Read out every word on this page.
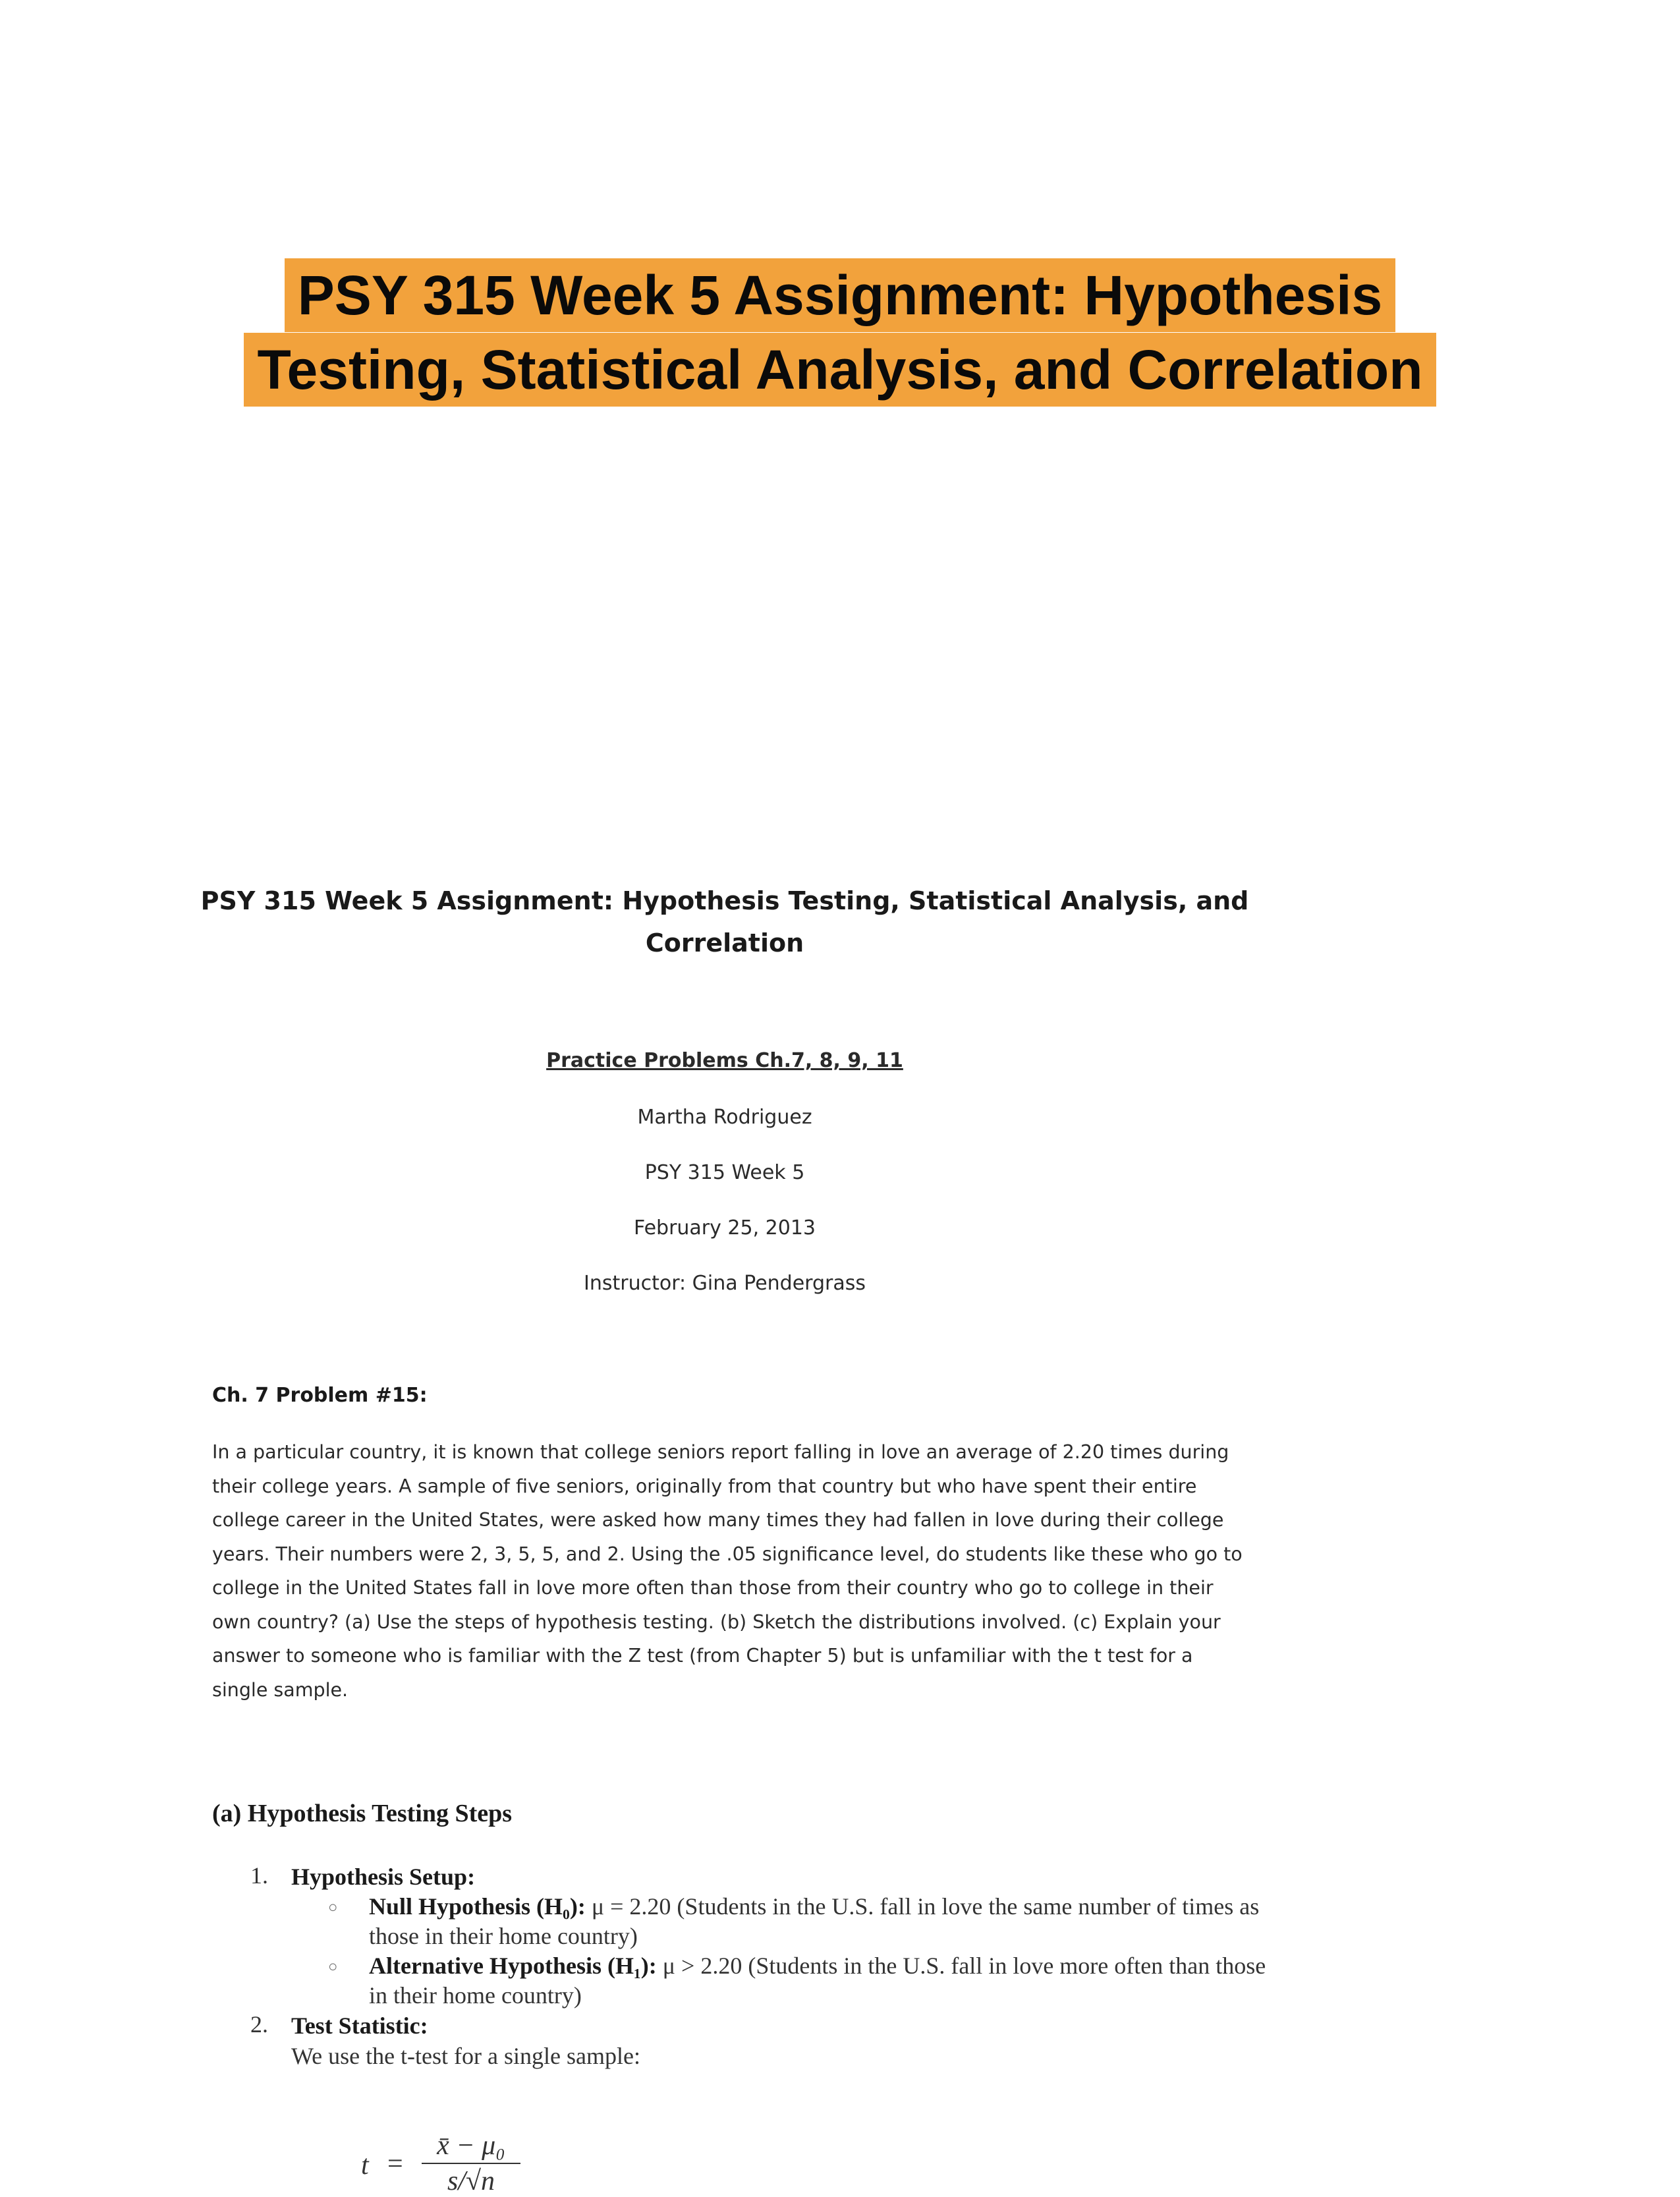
PSY 315 Week 5 Assignment: Hypothesis
Testing, Statistical Analysis, and Correlation
PSY 315 Week 5 Assignment: Hypothesis Testing, Statistical Analysis, and
Correlation
Practice Problems Ch.7, 8, 9, 11
Martha Rodriguez
PSY 315 Week 5
February 25, 2013
Instructor: Gina Pendergrass
Ch. 7 Problem #15:

In a particular country, it is known that college seniors report falling in love an average of 2.20 times during their college years. A sample of five seniors, originally from that country but who have spent their entire college career in the United States, were asked how many times they had fallen in love during their college years. Their numbers were 2, 3, 5, 5, and 2. Using the .05 significance level, do students like these who go to college in the United States fall in love more often than those from their country who go to college in their own country? (a) Use the steps of hypothesis testing. (b) Sketch the distributions involved. (c) Explain your answer to someone who is familiar with the Z test (from Chapter 5) but is unfamiliar with the t test for a single sample.

(a) Hypothesis Testing Steps
1. Hypothesis Setup:
○ Null Hypothesis (H₀): μ = 2.20 (Students in the U.S. fall in love the same number of times as those in their home country)
○ Alternative Hypothesis (H₁): μ > 2.20 (Students in the U.S. fall in love more often than those in their home country)
2. Test Statistic:
We use the t-test for a single sample:
t =
x̄ − μ₀
s/√n
